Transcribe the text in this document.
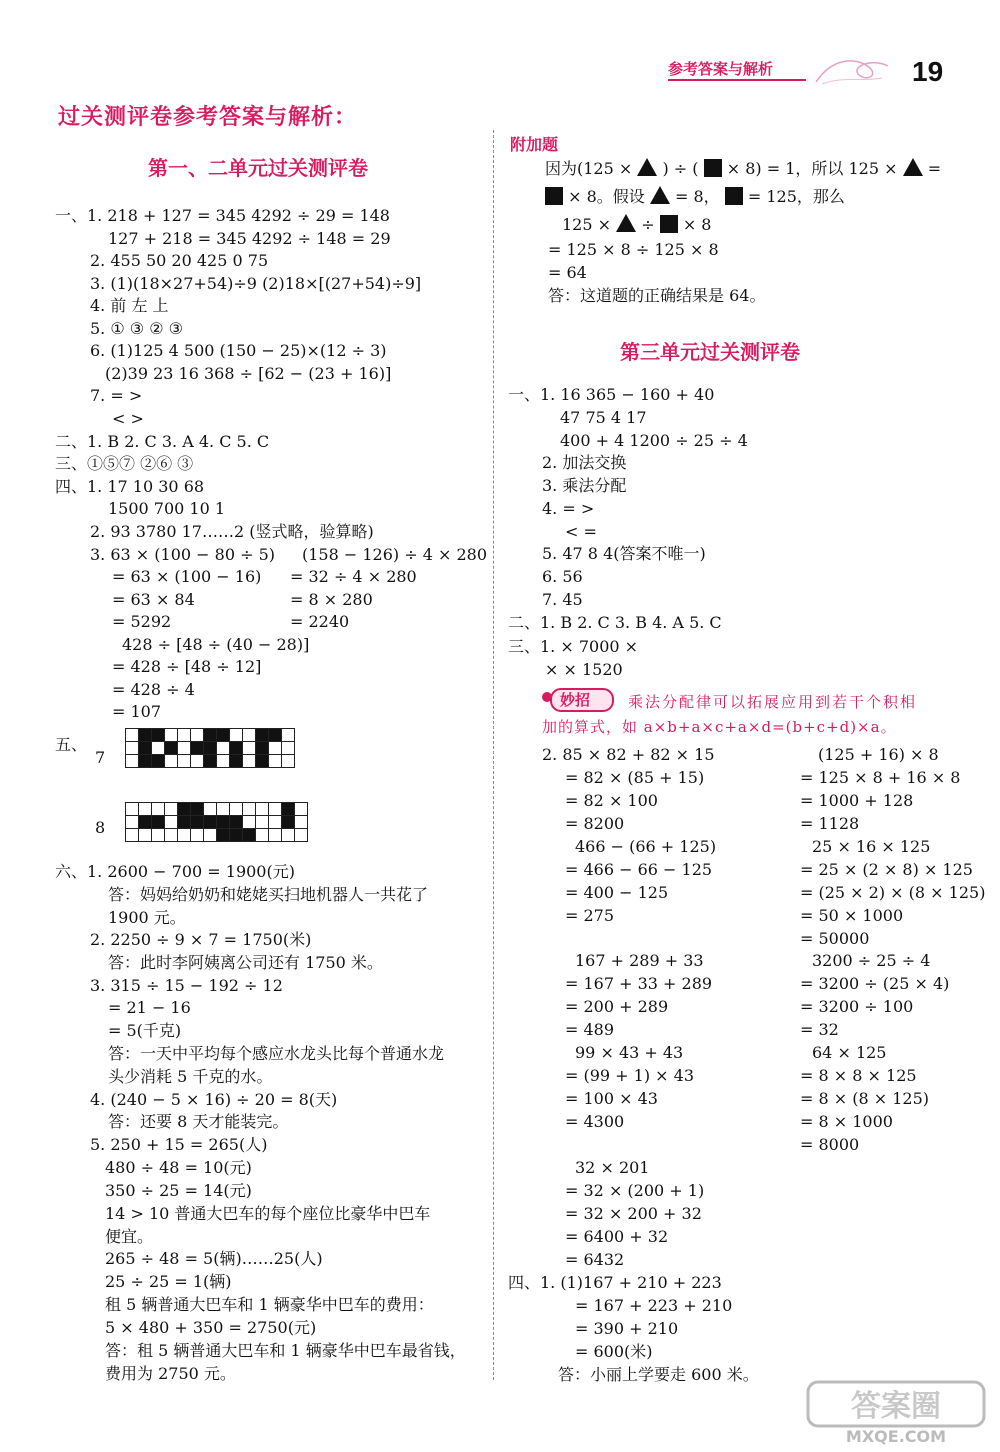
参考答案与解析	19
过关测评卷参考答案与解析：
第一、二单元过关测评卷
一、1. 218 + 127 = 345 4292 ÷ 29 = 148
127 + 218 = 345 4292 ÷ 148 = 29
2. 455 50 20 425 0 75
3. (1)(18×27+54)÷9 (2)18×[(27+54)÷9]
4. 前 左 上
5. ① ③ ② ③
6. (1)125 4 500 (150 − 25)×(12 ÷ 3)
(2)39 23 16 368 ÷ [62 − (23 + 16)]
7. = >
< >
二、1. B 2. C 3. A 4. C 5. C
三、①⑤⑦ ②⑥ ③
四、1. 17 10 30 68
1500 700 10 1
2. 93 3780 17……2 (竖式略，验算略)
3. 63 × (100 − 80 ÷ 5) (158 − 126) ÷ 4 × 280
= 63 × (100 − 16) = 32 ÷ 4 × 280
= 63 × 84	= 8 × 280
= 5292	= 2240
428 ÷ [48 ÷ (40 − 28)]
= 428 ÷ [48 ÷ 12]
= 428 ÷ 4
= 107
五、
六、1. 2600 − 700 = 1900(元)
答：妈妈给奶奶和姥姥买扫地机器人一共花了
1900 元。
2. 2250 ÷ 9 × 7 = 1750(米)
答：此时李阿姨离公司还有 1750 米。
3. 315 ÷ 15 − 192 ÷ 12
= 21 − 16
= 5(千克)
答：一天中平均每个感应水龙头比每个普通水龙
头少消耗 5 千克的水。
4. (240 − 5 × 16) ÷ 20 = 8(天)
答：还要 8 天才能装完。
5. 250 + 15 = 265(人)
480 ÷ 48 = 10(元)
350 ÷ 25 = 14(元)
14 > 10 普通大巴车的每个座位比豪华中巴车
便宜。
265 ÷ 48 = 5(辆)……25(人)
25 ÷ 25 = 1(辆)
租 5 辆普通大巴车和 1 辆豪华中巴车的费用：
5 × 480 + 350 = 2750(元)
答：租 5 辆普通大巴车和 1 辆豪华中巴车最省钱，
费用为 2750 元。
7
8

附加题
因为(125 × ) ÷ ( × 8) = 1，所以 125 × =
× 8。假设 = 8， = 125，那么
125 × ÷ × 8
= 125 × 8 ÷ 125 × 8
= 64
答：这道题的正确结果是 64。
第三单元过关测评卷
一、1. 16 365 − 160 + 40
47 75 4 17
400 + 4 1200 ÷ 25 ÷ 4
2. 加法交换
3. 乘法分配
4. = >
< =
5. 47 8 4(答案不唯一)
6. 56
7. 45
二、1. B 2. C 3. B 4. A 5. C
三、1. × 7000 ×
× × 1520
2. 85 × 82 + 82 × 15	(125 + 16) × 8
= 82 × (85 + 15)	= 125 × 8 + 16 × 8
= 82 × 100	= 1000 + 128
= 8200	= 1128
466 − (66 + 125)	25 × 16 × 125
= 466 − 66 − 125	= 25 × (2 × 8) × 125
= 400 − 125	= (25 × 2) × (8 × 125)
= 275	= 50 × 1000
= 50000
167 + 289 + 33	3200 ÷ 25 ÷ 4
= 167 + 33 + 289	= 3200 ÷ (25 × 4)
= 200 + 289	= 3200 ÷ 100
= 489	= 32
99 × 43 + 43	64 × 125
= (99 + 1) × 43	= 8 × 8 × 125
= 100 × 43	= 8 × (8 × 125)
= 4300	= 8 × 1000
= 8000
32 × 201
= 32 × (200 + 1)
= 32 × 200 + 32
= 6400 + 32
= 6432
四、1. (1)167 + 210 + 223
= 167 + 223 + 210
= 390 + 210
= 600(米)
答：小丽上学要走 600 米。
妙招	乘法分配律可以拓展应用到若干个积相
加的算式，如 a×b+a×c+a×d=(b+c+d)×a。
答案圈
MXQE.COM
